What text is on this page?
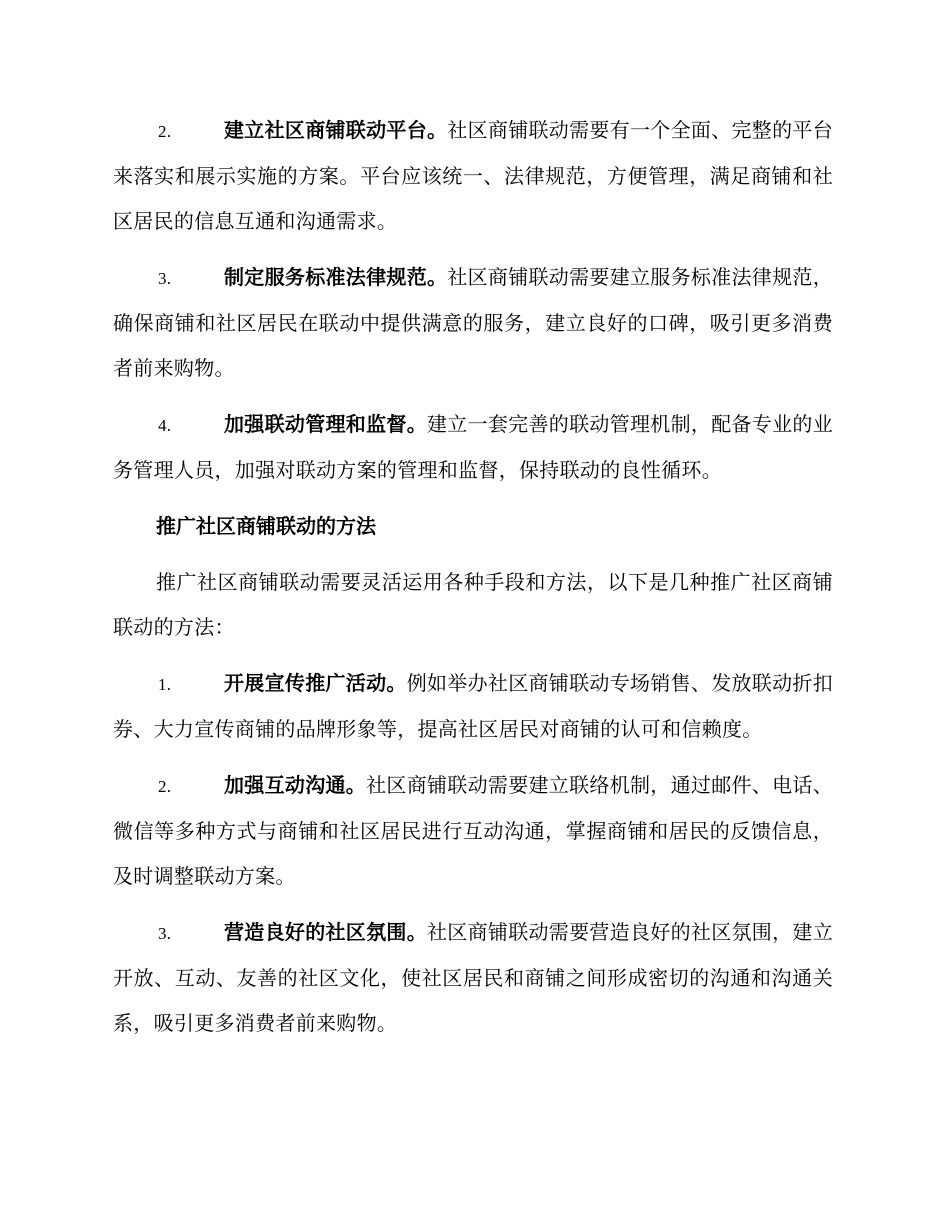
2.	建立社区商铺联动平台。社区商铺联动需要有一个全面、完整的平台来落实和展示实施的方案。平台应该统一、法律规范，方便管理，满足商铺和社区居民的信息互通和沟通需求。

3.	制定服务标准法律规范。社区商铺联动需要建立服务标准法律规范，确保商铺和社区居民在联动中提供满意的服务，建立良好的口碑，吸引更多消费者前来购物。

4.	加强联动管理和监督。建立一套完善的联动管理机制，配备专业的业务管理人员，加强对联动方案的管理和监督，保持联动的良性循环。

推广社区商铺联动的方法

推广社区商铺联动需要灵活运用各种手段和方法，以下是几种推广社区商铺联动的方法：

1.	开展宣传推广活动。例如举办社区商铺联动专场销售、发放联动折扣券、大力宣传商铺的品牌形象等，提高社区居民对商铺的认可和信赖度。

2.	加强互动沟通。社区商铺联动需要建立联络机制，通过邮件、电话、微信等多种方式与商铺和社区居民进行互动沟通，掌握商铺和居民的反馈信息，及时调整联动方案。

3.	营造良好的社区氛围。社区商铺联动需要营造良好的社区氛围，建立开放、互动、友善的社区文化，使社区居民和商铺之间形成密切的沟通和沟通关系，吸引更多消费者前来购物。
